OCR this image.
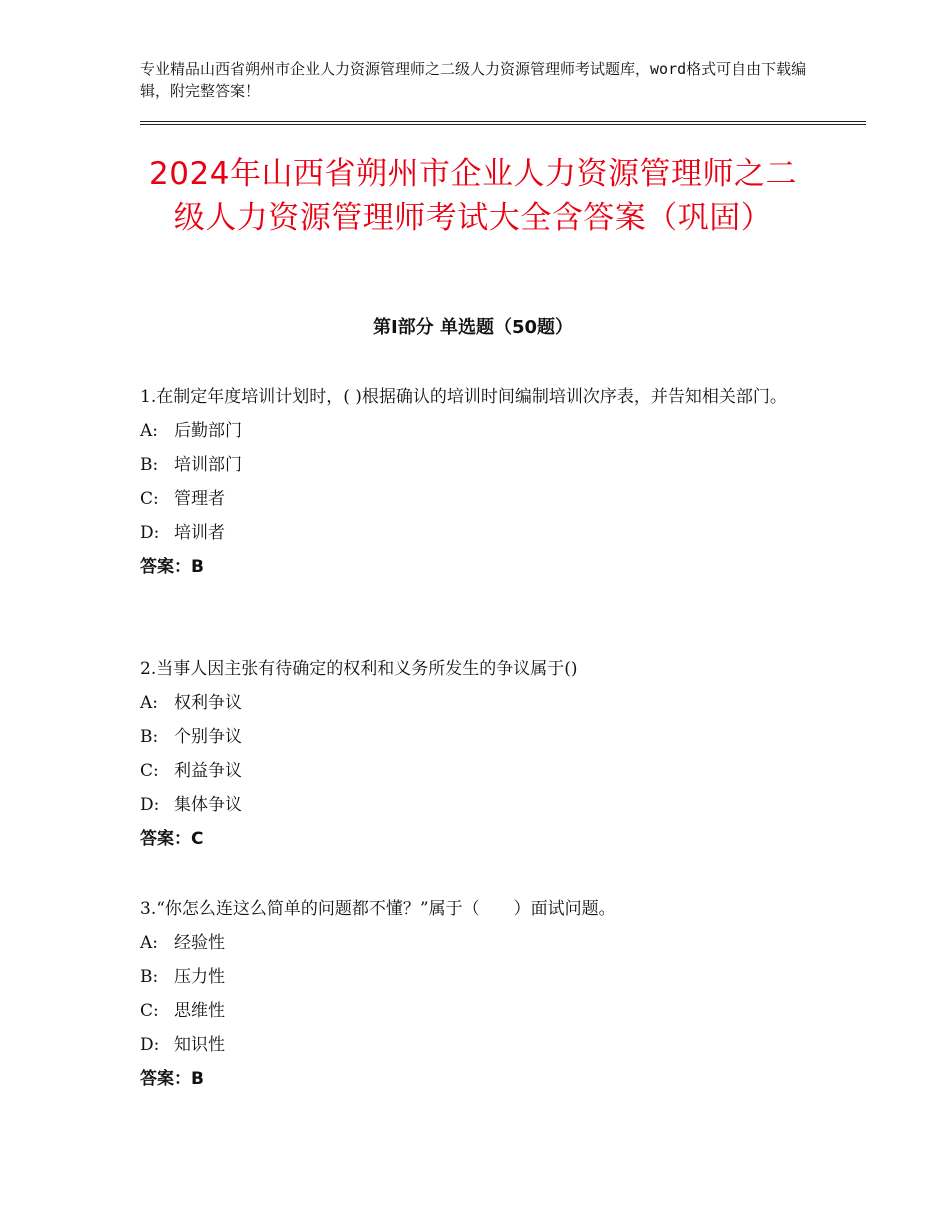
专业精品山西省朔州市企业人力资源管理师之二级人力资源管理师考试题库，word格式可自由下载编辑，附完整答案！
2024年山西省朔州市企业人力资源管理师之二级人力资源管理师考试大全含答案（巩固）
第Ⅰ部分 单选题（50题）

1.在制定年度培训计划时，( )根据确认的培训时间编制培训次序表，并告知相关部门。

A: 后勤部门

B: 培训部门

C: 管理者

D: 培训者

答案：B

2.当事人因主张有待确定的权利和义务所发生的争议属于()

A: 权利争议

B: 个别争议

C: 利益争议

D: 集体争议

答案：C

3.“你怎么连这么简单的问题都不懂？”属于（　　）面试问题。

A: 经验性

B: 压力性

C: 思维性

D: 知识性

答案：B
